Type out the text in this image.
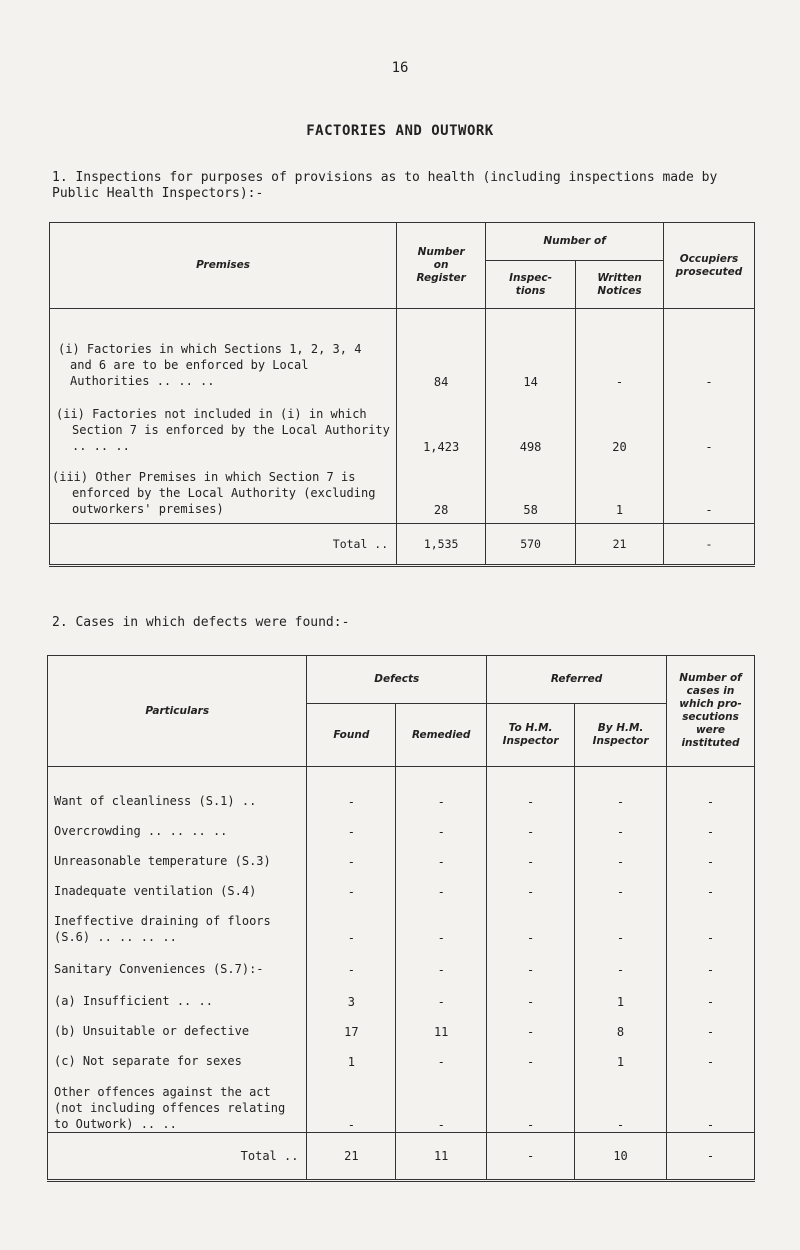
16
FACTORIES AND OUTWORK
1. Inspections for purposes of provisions as to health (including inspections made by Public Health Inspectors):-
Premises	Number on Register	Number of		Occupiers prosecuted
		Inspec- tions	Written Notices	
(i) Factories in which Sections 1, 2, 3, 4 and 6 are to be enforced by Local Authorities .. .. ..	84	14	-	-
(ii) Factories not included in (i) in which Section 7 is enforced by the Local Authority .. .. ..	1,423	498	20	-
(iii) Other Premises in which Section 7 is enforced by the Local Authority (excluding outworkers' premises)	28	58	1	-
Total ..	1,535	570	21	-
2. Cases in which defects were found:-
Particulars	Defects		Referred		Number of cases in which pro- secutions were instituted
	Found	Remedied	To H.M. Inspector	By H.M. Inspector	
Want of cleanliness (S.1) ..	-	-	-	-	-
Overcrowding .. .. .. ..	-	-	-	-	-
Unreasonable temperature (S.3)	-	-	-	-	-
Inadequate ventilation (S.4)	-	-	-	-	-
Ineffective draining of floors (S.6) .. .. .. ..	-	-	-	-	-
Sanitary Conveniences (S.7):-	-	-	-	-	-
(a) Insufficient .. ..	3	-	-	1	-
(b) Unsuitable or defective	17	11	-	8	-
(c) Not separate for sexes	1	-	-	1	-
Other offences against the act (not including offences relating to Outwork) .. ..	-	-	-	-	-
Total ..	21	11	-	10	-
